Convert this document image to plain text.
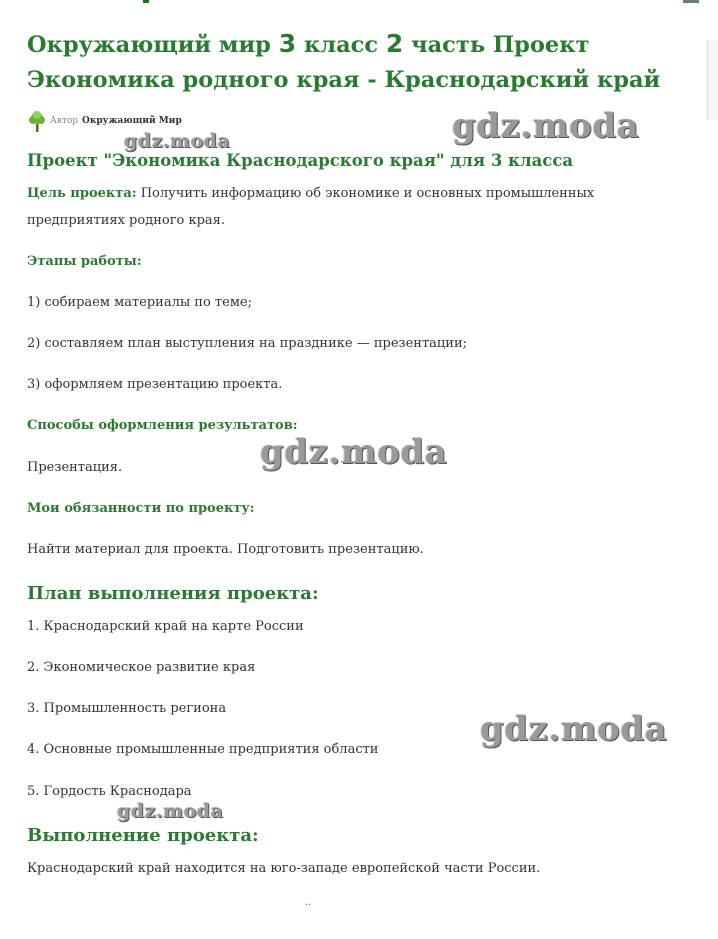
Окружающий мир 3 класс 2 часть Проект
Экономика родного края - Краснодарский край
Автор Окружающий Мир
Проект "Экономика Краснодарского края" для 3 класса
Цель проекта: Получить информацию об экономике и основных промышленных
предприятиях родного края.
Этапы работы:
1) собираем материалы по теме;
2) составляем план выступления на празднике — презентации;
3) оформляем презентацию проекта.
Способы оформления результатов:
Презентация.
Мои обязанности по проекту:
Найти материал для проекта. Подготовить презентацию.
План выполнения проекта:
1. Краснодарский край на карте России
2. Экономическое развитие края
3. Промышленность региона
4. Основные промышленные предприятия области
5. Гордость Краснодара
Выполнение проекта:
Краснодарский край находится на юго-западе европейской части России.
gdz.moda	gdz.moda
gdz.moda
gdz.moda
gdz.moda
..
